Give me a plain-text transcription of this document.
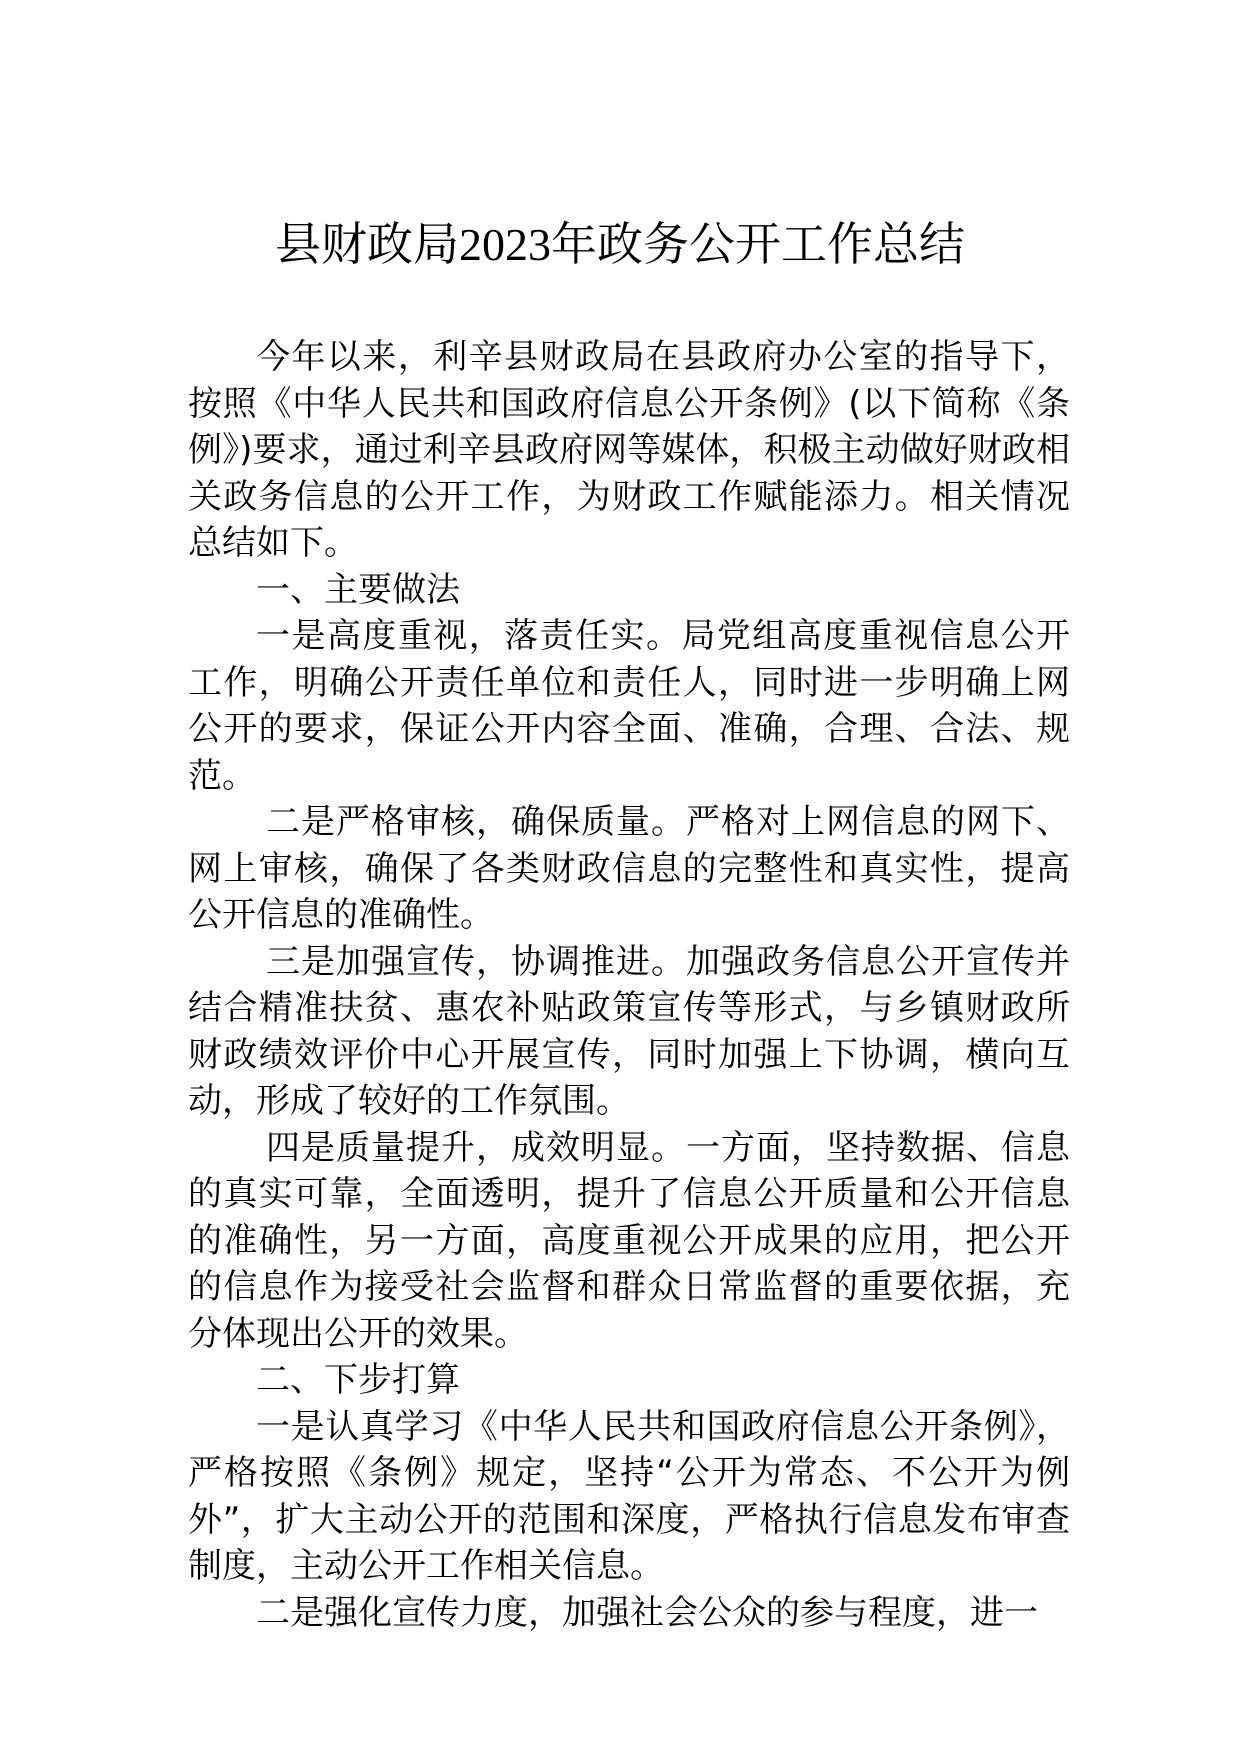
县财政局2023年政务公开工作总结

今年以来，利辛县财政局在县政府办公室的指导下，按照《中华人民共和国政府信息公开条例》(以下简称《条例》)要求，通过利辛县政府网等媒体，积极主动做好财政相关政务信息的公开工作，为财政工作赋能添力。相关情况总结如下。

一、主要做法

一是高度重视，落责任实。局党组高度重视信息公开工作，明确公开责任单位和责任人，同时进一步明确上网公开的要求，保证公开内容全面、准确，合理、合法、规范。

二是严格审核，确保质量。严格对上网信息的网下、网上审核，确保了各类财政信息的完整性和真实性，提高公开信息的准确性。

三是加强宣传，协调推进。加强政务信息公开宣传并结合精准扶贫、惠农补贴政策宣传等形式，与乡镇财政所财政绩效评价中心开展宣传，同时加强上下协调，横向互动，形成了较好的工作氛围。

四是质量提升，成效明显。一方面，坚持数据、信息的真实可靠，全面透明，提升了信息公开质量和公开信息的准确性，另一方面，高度重视公开成果的应用，把公开的信息作为接受社会监督和群众日常监督的重要依据，充分体现出公开的效果。

二、下步打算

一是认真学习《中华人民共和国政府信息公开条例》，严格按照《条例》规定，坚持“公开为常态、不公开为例外”，扩大主动公开的范围和深度，严格执行信息发布审查制度，主动公开工作相关信息。

二是强化宣传力度，加强社会公众的参与程度，进一
